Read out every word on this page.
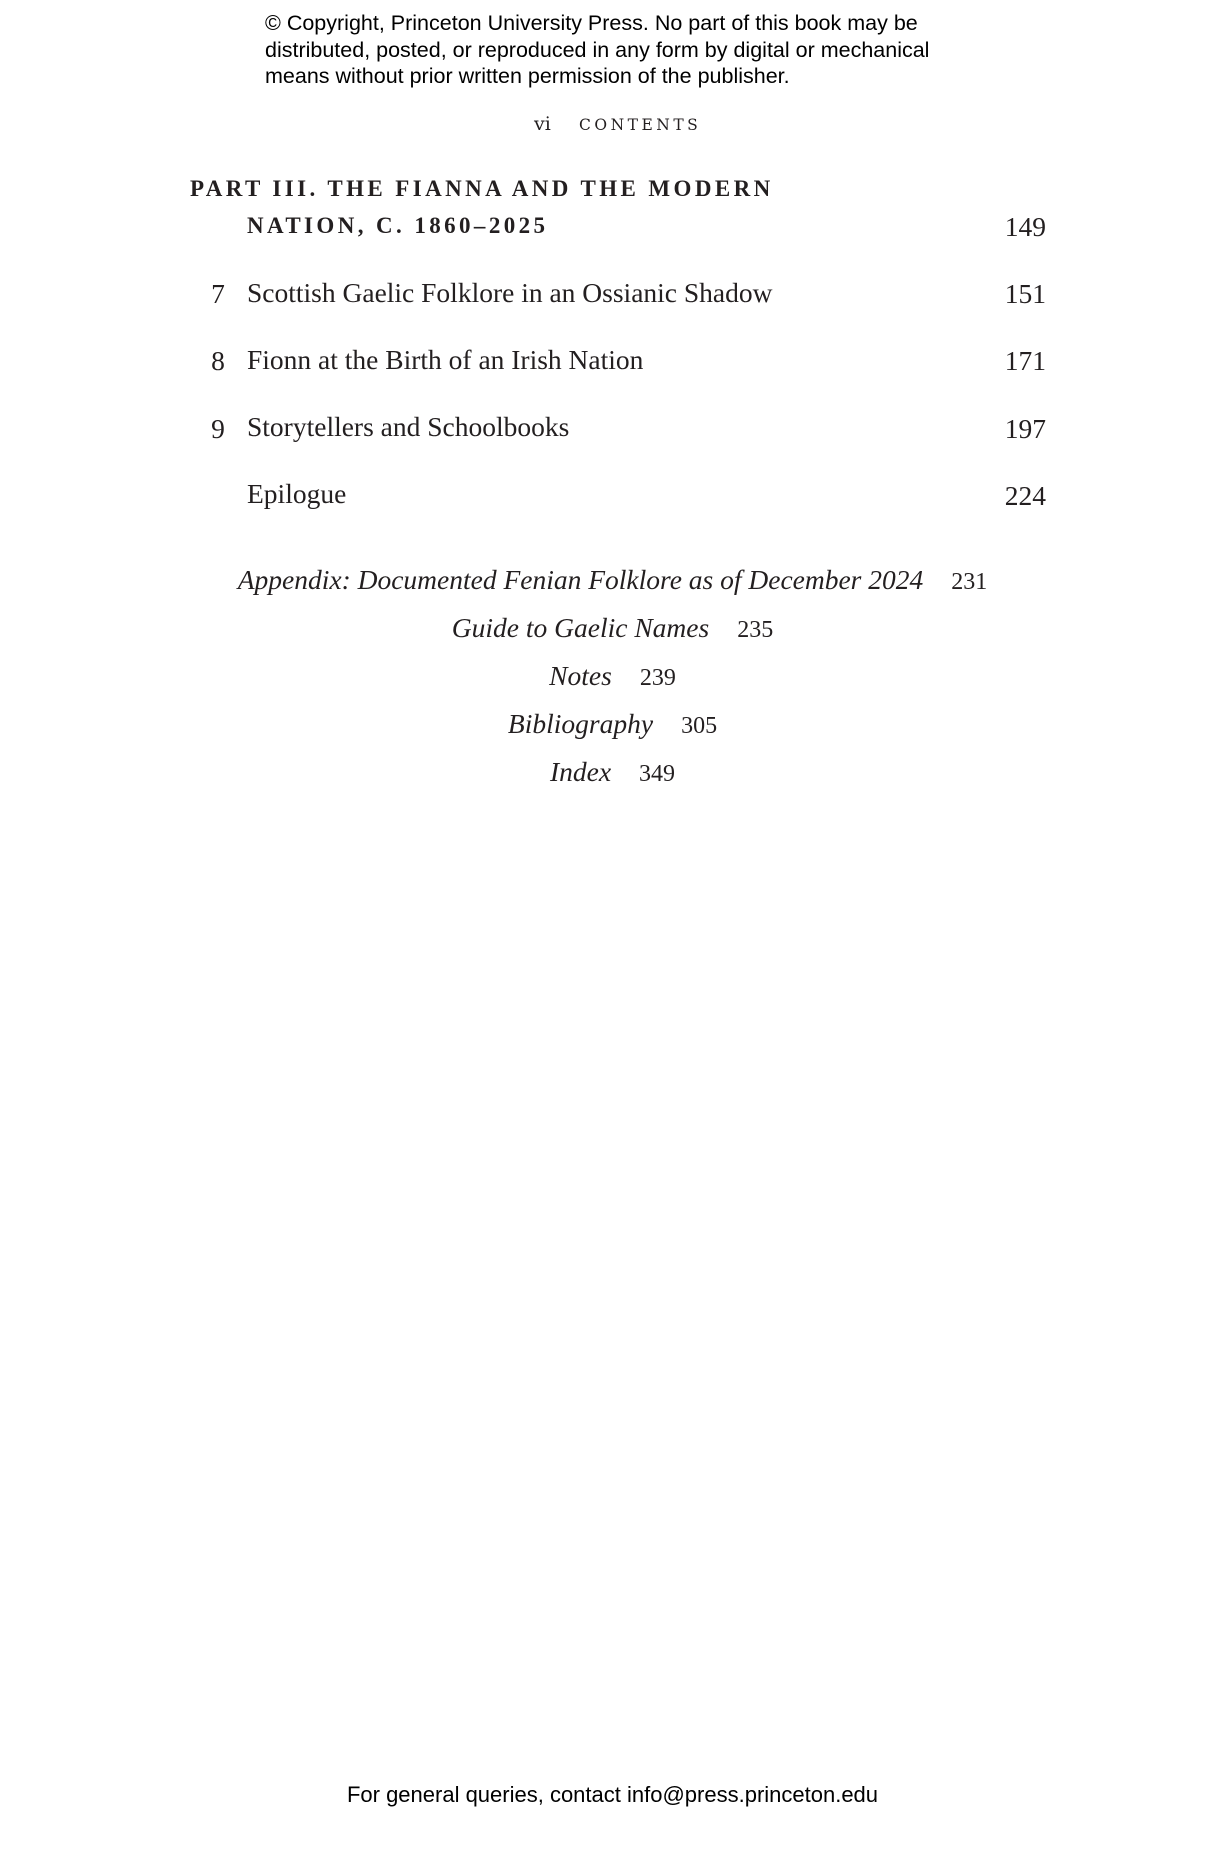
© Copyright, Princeton University Press. No part of this book may be
distributed, posted, or reproduced in any form by digital or mechanical
means without prior written permission of the publisher.
vi CONTENTS
PART III. THE FIANNA AND THE MODERN
NATION, C. 1860–2025	149
7 Scottish Gaelic Folklore in an Ossianic Shadow	151
8 Fionn at the Birth of an Irish Nation	171
9 Storytellers and Schoolbooks	197
Epilogue	224
Appendix: Documented Fenian Folklore as of December 2024 231
Guide to Gaelic Names 235
Notes 239
Bibliography 305
Index 349
For general queries, contact info@press.princeton.edu
